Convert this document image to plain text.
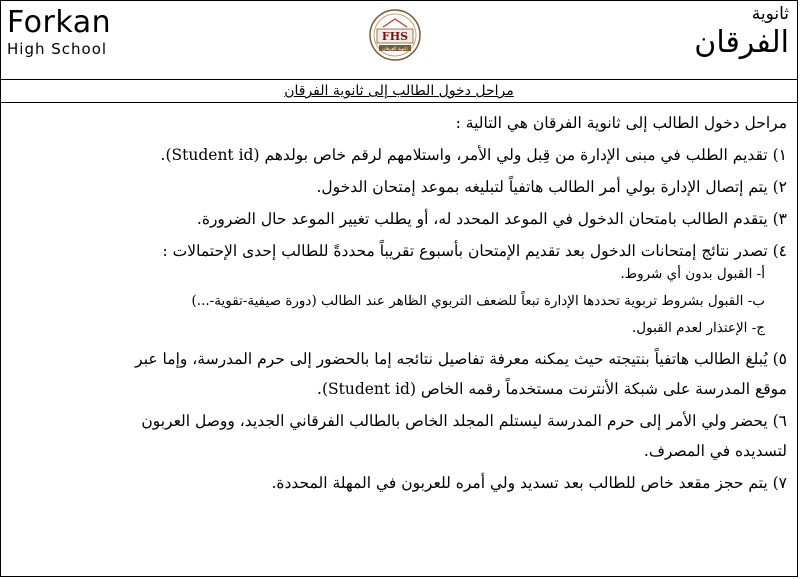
Forkan
High School
FHS
ثانوية الفرقان
ثانوية
الفرقان
مراحل دخول الطالب إلى ثانوية الفرقان

مراحل دخول الطالب إلى ثانوية الفرقان هي التالية :

١) تقديم الطلب في مبنى الإدارة من قِبل ولي الأمر، واستلامهم لرقم خاص بولدهم (Student id).

٢) يتم إتصال الإدارة بولي أمر الطالب هاتفياً لتبليغه بموعد إمتحان الدخول.

٣) يتقدم الطالب بامتحان الدخول في الموعد المحدد له، أو يطلب تغيير الموعد حال الضرورة.

٤) تصدر نتائج إمتحانات الدخول بعد تقديم الإمتحان بأسبوع تقريباً محددةً للطالب إحدى الإحتمالات :

أ- القبول بدون أي شروط.
ب- القبول بشروط تربوية تحددها الإدارة تبعاً للضعف التربوي الظاهر عند الطالب (دورة صيفية-تقوية-...)
ج- الإعتذار لعدم القبول.

٥) يُبلغ الطالب هاتفياً بنتيجته حيث يمكنه معرفة تفاصيل نتائجه إما بالحضور إلى حرم المدرسة، وإما عبر

موقع المدرسة على شبكة الأنترنت مستخدماً رقمه الخاص (Student id).

٦) يحضر ولي الأمر إلى حرم المدرسة ليستلم المجلد الخاص بالطالب الفرقاني الجديد، ووصل العربون

لتسديده في المصرف.

٧) يتم حجز مقعد خاص للطالب بعد تسديد ولي أمره للعربون في المهلة المحددة.
